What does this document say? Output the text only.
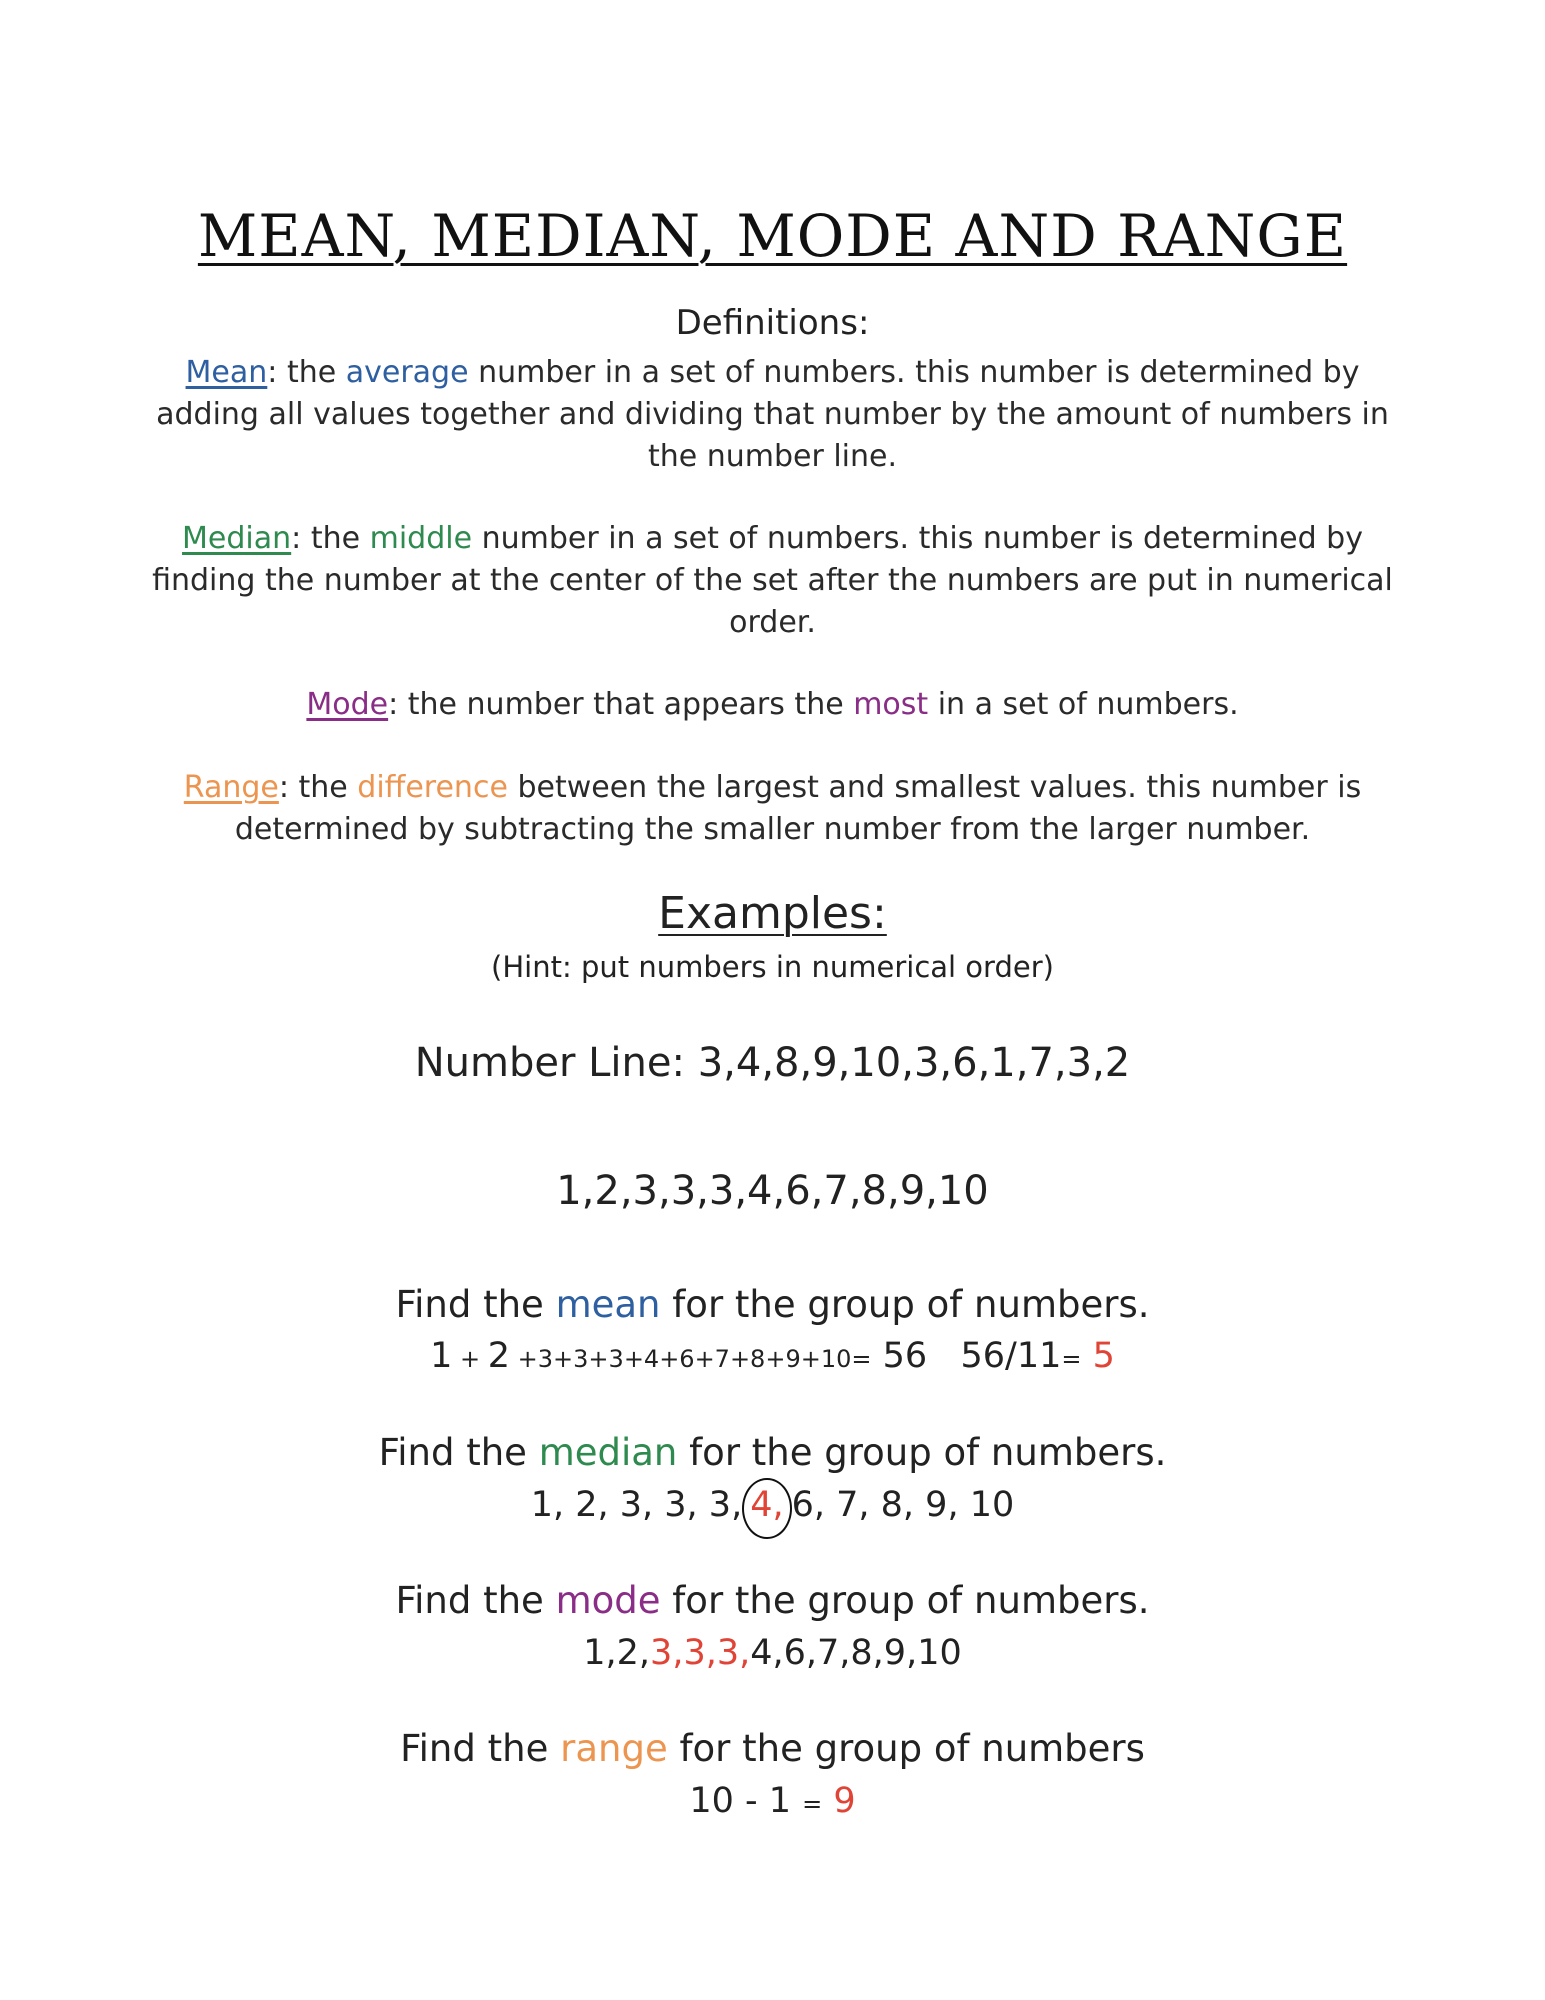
MEAN, MEDIAN, MODE AND RANGE
Definitions:
Mean: the average number in a set of numbers. this number is determined by adding all values together and dividing that number by the amount of numbers in the number line.
Median: the middle number in a set of numbers. this number is determined by finding the number at the center of the set after the numbers are put in numerical order.
Mode: the number that appears the most in a set of numbers.
Range: the difference between the largest and smallest values. this number is determined by subtracting the smaller number from the larger number.
Examples:
(Hint: put numbers in numerical order)
Number Line: 3,4,8,9,10,3,6,1,7,3,2
1,2,3,3,3,4,6,7,8,9,10
Find the mean for the group of numbers.
1 + 2 +3+3+3+4+6+7+8+9+10= 56   56/11= 5
Find the median for the group of numbers.
1, 2, 3, 3, 3, 4, 6, 7, 8, 9, 10
Find the mode for the group of numbers.
1,2,3,3,3,4,6,7,8,9,10
Find the range for the group of numbers
10 - 1 = 9
